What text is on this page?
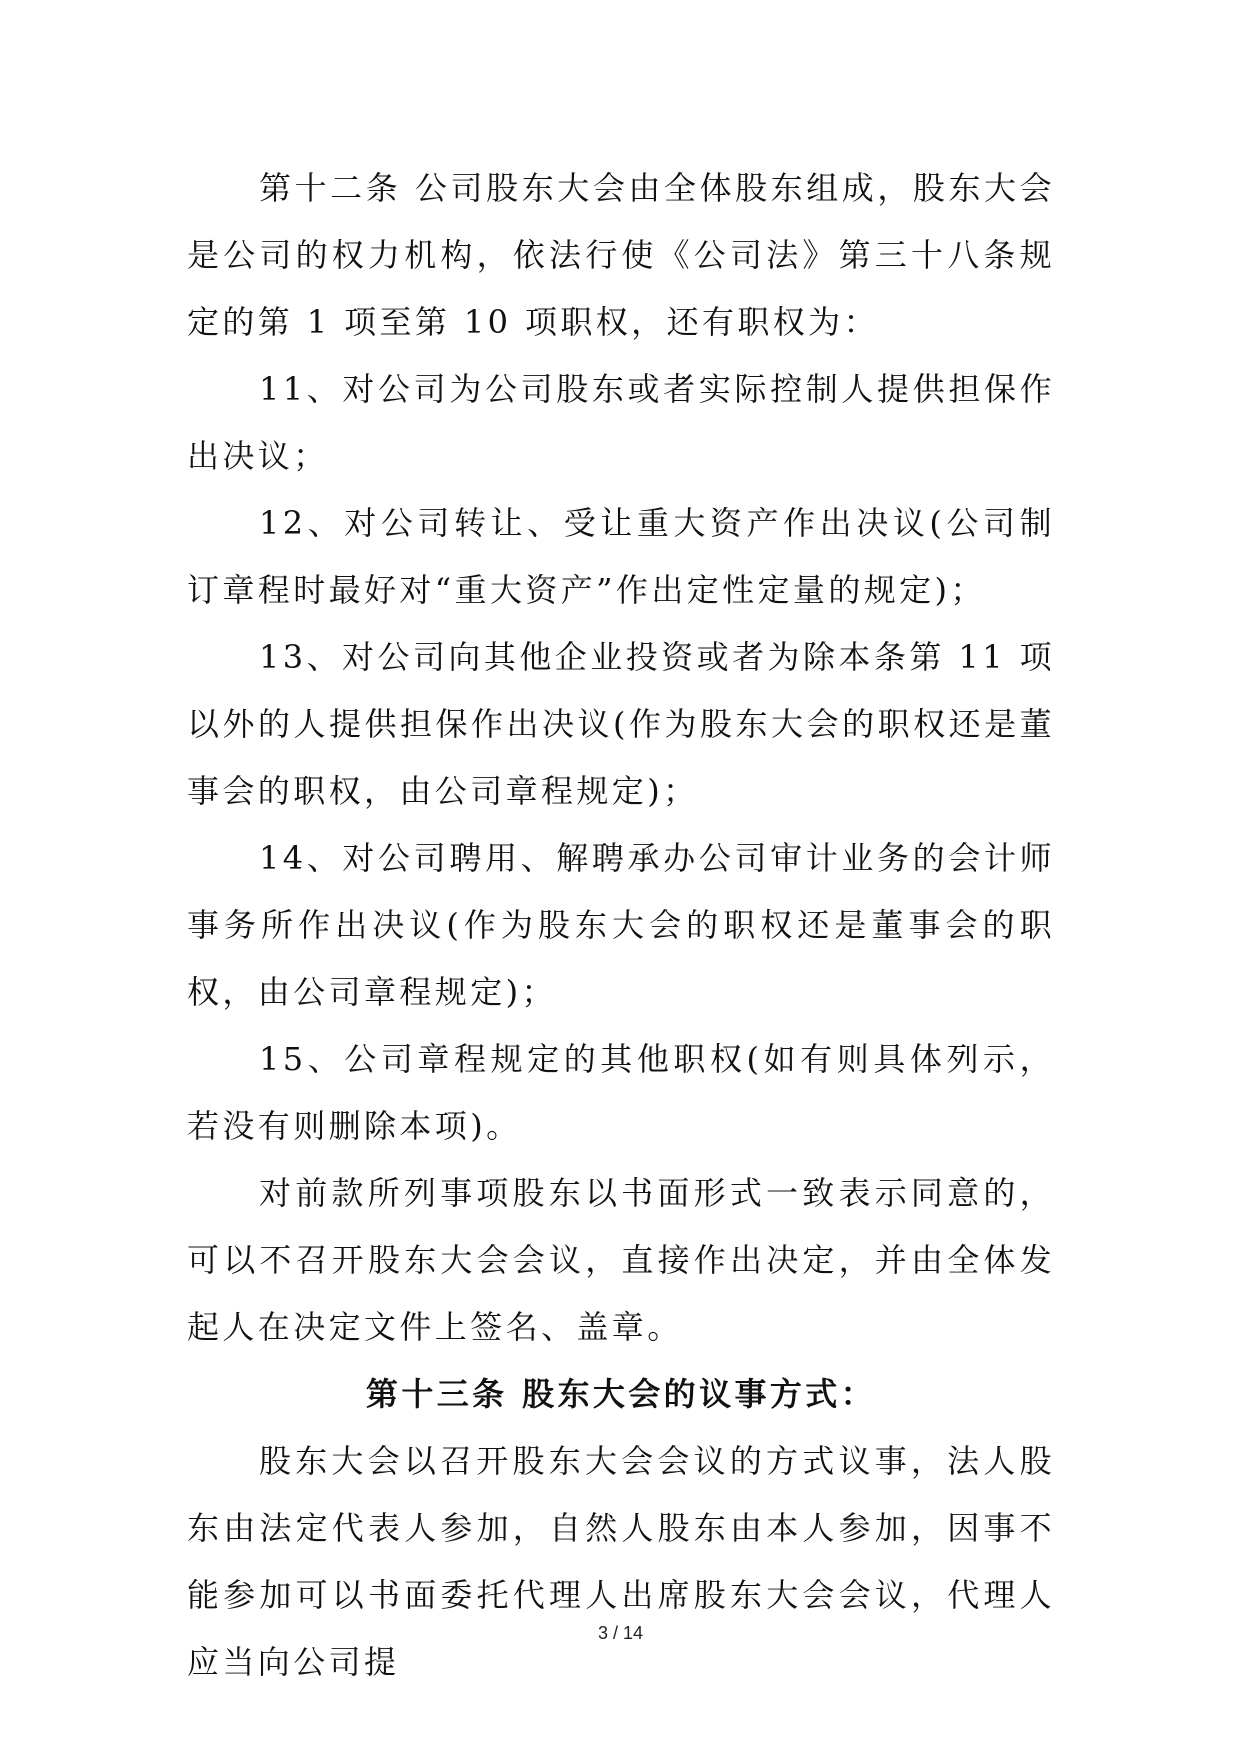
第十二条 公司股东大会由全体股东组成，股东大会是公司的权力机构，依法行使《公司法》第三十八条规定的第 1 项至第 10 项职权，还有职权为：

11、对公司为公司股东或者实际控制人提供担保作出决议；

12、对公司转让、受让重大资产作出决议(公司制订章程时最好对“重大资产”作出定性定量的规定)；

13、对公司向其他企业投资或者为除本条第 11 项以外的人提供担保作出决议(作为股东大会的职权还是董事会的职权，由公司章程规定)；

14、对公司聘用、解聘承办公司审计业务的会计师事务所作出决议(作为股东大会的职权还是董事会的职权，由公司章程规定)；

15、公司章程规定的其他职权(如有则具体列示，若没有则删除本项)。

对前款所列事项股东以书面形式一致表示同意的，可以不召开股东大会会议，直接作出决定，并由全体发起人在决定文件上签名、盖章。

第十三条 股东大会的议事方式：

股东大会以召开股东大会会议的方式议事，法人股东由法定代表人参加，自然人股东由本人参加，因事不能参加可以书面委托代理人出席股东大会会议，代理人应当向公司提

3 / 14
